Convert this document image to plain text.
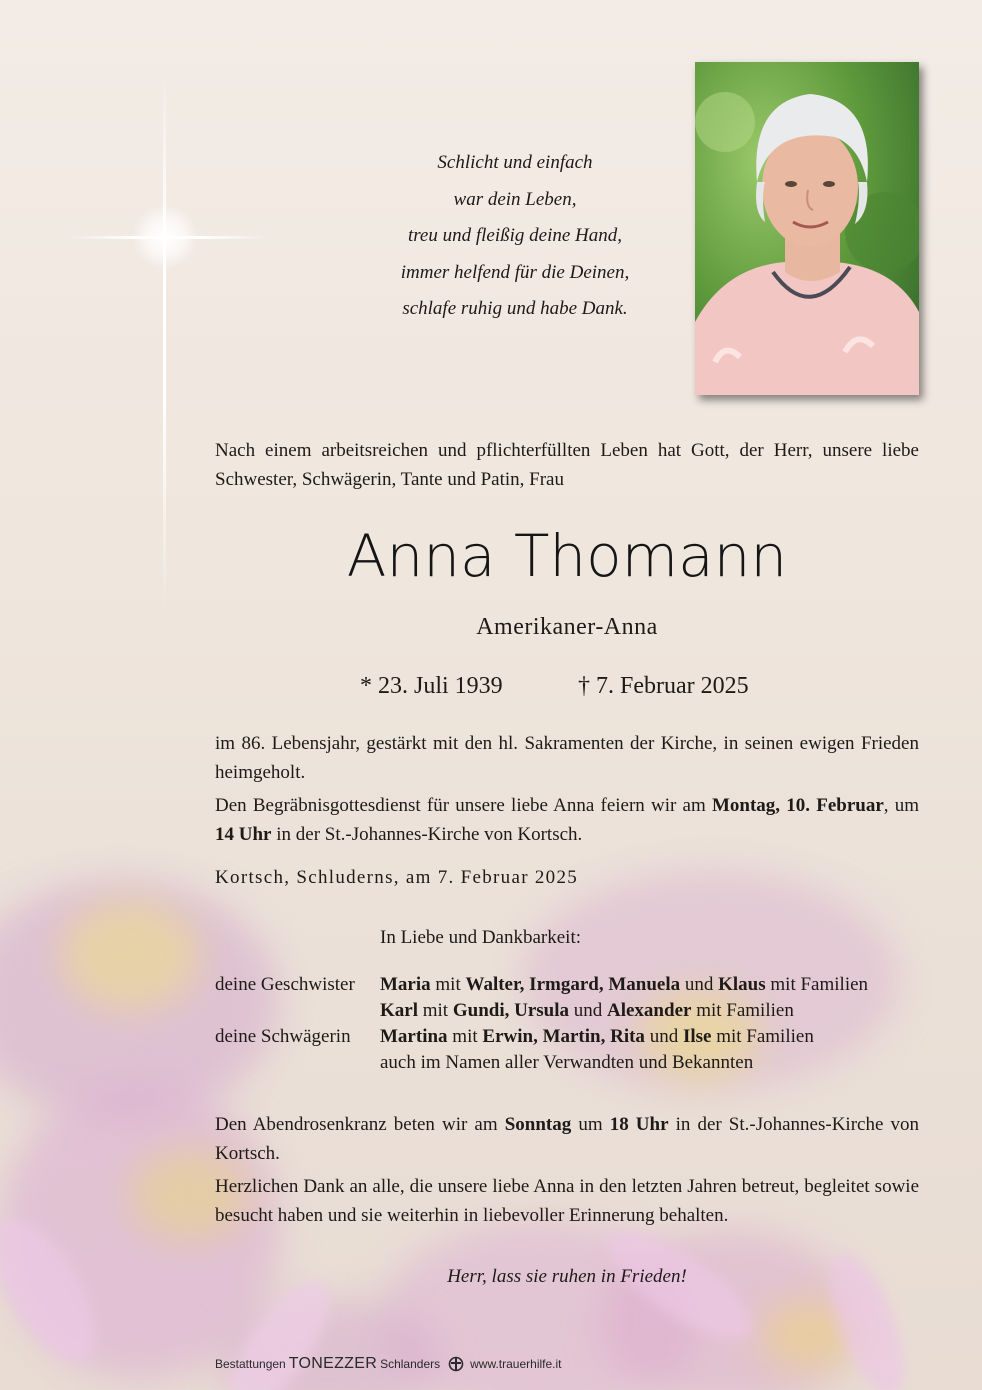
Schlicht und einfach
war dein Leben,
treu und fleißig deine Hand,
immer helfend für die Deinen,
schlafe ruhig und habe Dank.
Nach einem arbeitsreichen und pflichterfüllten Leben hat Gott, der Herr, unsere liebe Schwester, Schwägerin, Tante und Patin, Frau
Anna Thomann
Amerikaner-Anna
* 23. Juli 1939	† 7. Februar 2025
im 86. Lebensjahr, gestärkt mit den hl. Sakramenten der Kirche, in seinen ewigen Frieden heimgeholt.
Den Begräbnisgottesdienst für unsere liebe Anna feiern wir am Montag, 10. Februar, um 14 Uhr in der St.-Johannes-Kirche von Kortsch.
Kortsch, Schluderns, am 7. Februar 2025
In Liebe und Dankbarkeit:
deine Geschwister Maria mit Walter, Irmgard, Manuela und Klaus mit Familien
Karl mit Gundi, Ursula und Alexander mit Familien
deine Schwägerin Martina mit Erwin, Martin, Rita und Ilse mit Familien
auch im Namen aller Verwandten und Bekannten
Den Abendrosenkranz beten wir am Sonntag um 18 Uhr in der St.-Johannes-Kirche von Kortsch.
Herzlichen Dank an alle, die unsere liebe Anna in den letzten Jahren betreut, begleitet sowie besucht haben und sie weiterhin in liebevoller Erinnerung behalten.
Herr, lass sie ruhen in Frieden!
Bestattungen TONEZZER Schlanders	www.trauerhilfe.it
